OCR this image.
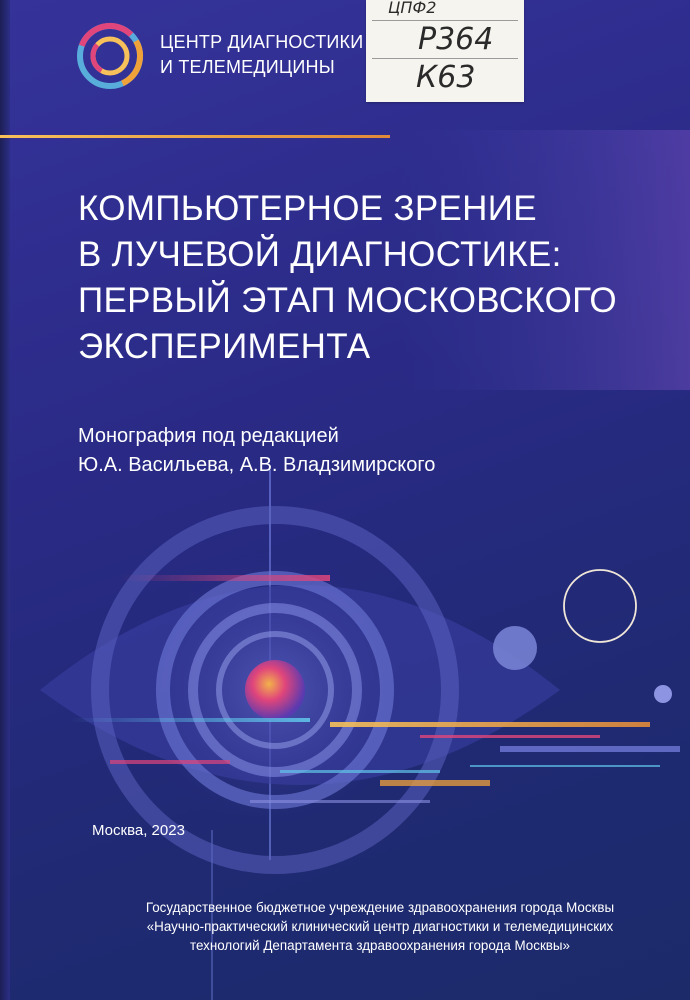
ЦЕНТР ДИАГНОСТИКИ
И ТЕЛЕМЕДИЦИНЫ
ЦПФ2
Р364
К63
КОМПЬЮТЕРНОЕ ЗРЕНИЕ
В ЛУЧЕВОЙ ДИАГНОСТИКЕ:
ПЕРВЫЙ ЭТАП МОСКОВСКОГО
ЭКСПЕРИМЕНТА
Монография под редакцией
Ю.А. Васильева, А.В. Владзимирского
Москва, 2023
Государственное бюджетное учреждение здравоохранения города Москвы
«Научно-практический клинический центр диагностики и телемедицинских
технологий Департамента здравоохранения города Москвы»
